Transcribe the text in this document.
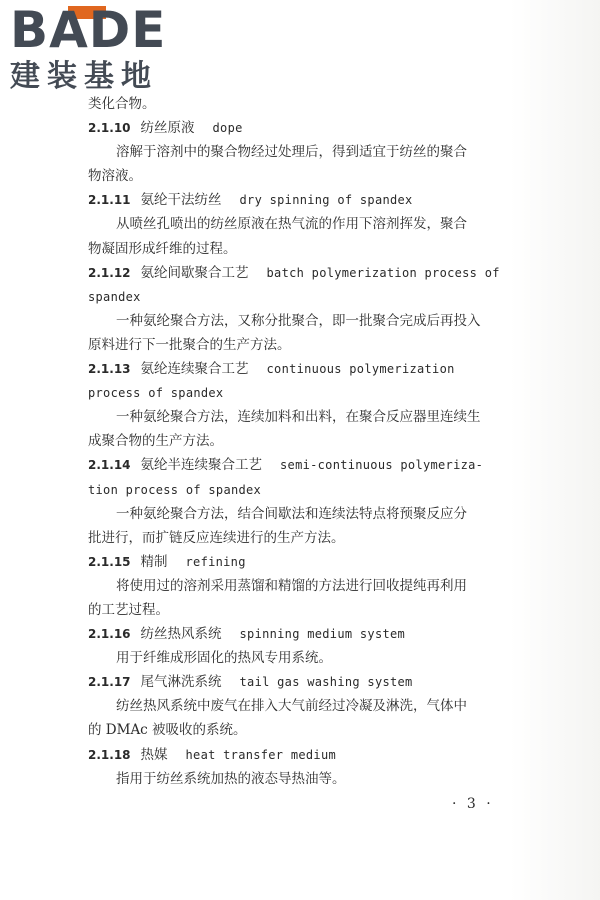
BADE
建装基地
类化合物。
2.1.10 纺丝原液 dope
溶解于溶剂中的聚合物经过处理后，得到适宜于纺丝的聚合
物溶液。
2.1.11 氨纶干法纺丝 dry spinning of spandex
从喷丝孔喷出的纺丝原液在热气流的作用下溶剂挥发，聚合
物凝固形成纤维的过程。
2.1.12 氨纶间歇聚合工艺 batch polymerization process of
spandex
一种氨纶聚合方法，又称分批聚合，即一批聚合完成后再投入
原料进行下一批聚合的生产方法。
2.1.13 氨纶连续聚合工艺 continuous polymerization
process of spandex
一种氨纶聚合方法，连续加料和出料，在聚合反应器里连续生
成聚合物的生产方法。
2.1.14 氨纶半连续聚合工艺 semi-continuous polymeriza-
tion process of spandex
一种氨纶聚合方法，结合间歇法和连续法特点将预聚反应分
批进行，而扩链反应连续进行的生产方法。
2.1.15 精制 refining
将使用过的溶剂采用蒸馏和精馏的方法进行回收提纯再利用
的工艺过程。
2.1.16 纺丝热风系统 spinning medium system
用于纤维成形固化的热风专用系统。
2.1.17 尾气淋洗系统 tail gas washing system
纺丝热风系统中废气在排入大气前经过冷凝及淋洗，气体中
的 DMAc 被吸收的系统。
2.1.18 热媒 heat transfer medium
指用于纺丝系统加热的液态导热油等。
· 3 ·
